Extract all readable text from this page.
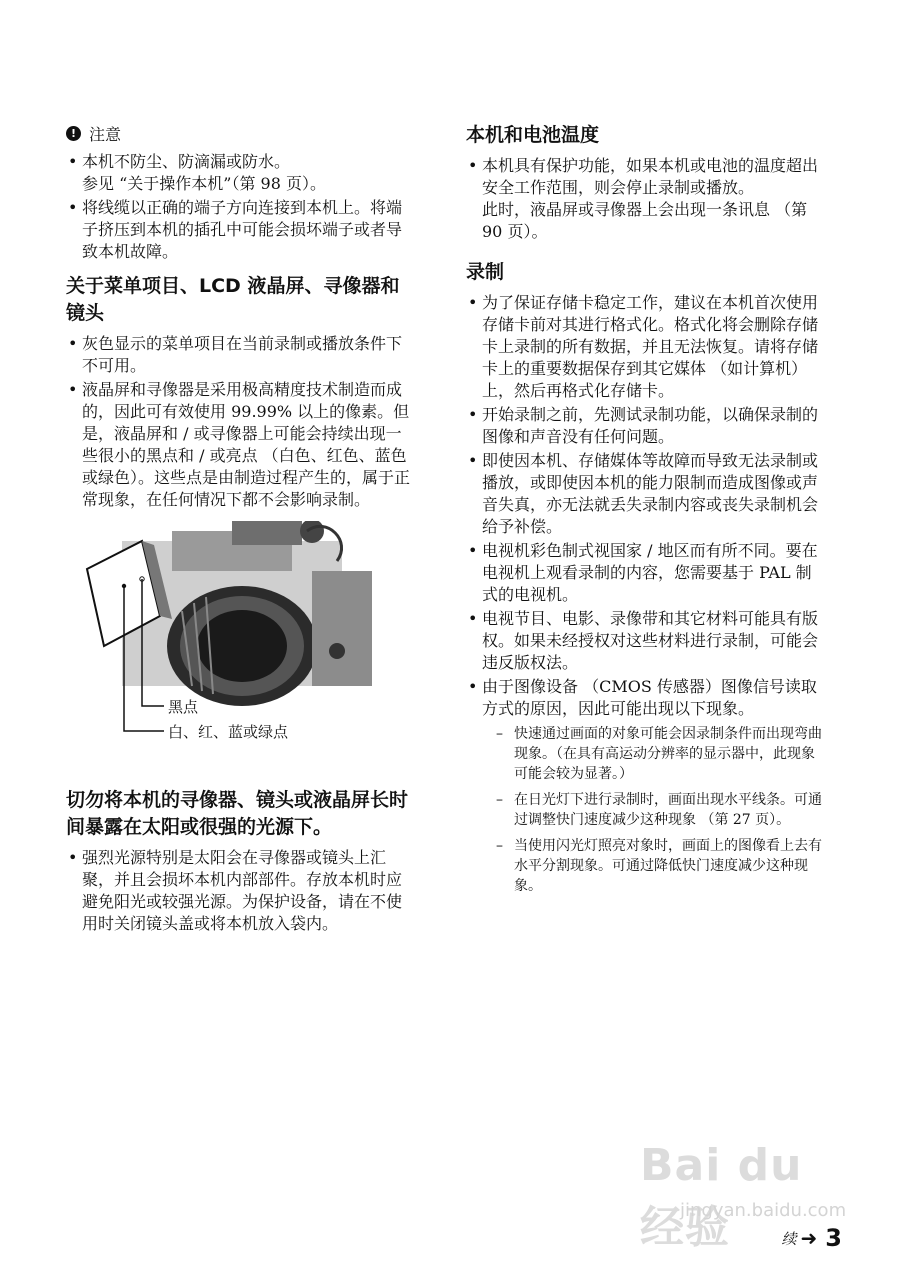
! 注意
• 本机不防尘、防滴漏或防水。
参见 “关于操作本机”（第 98 页）。
• 将线缆以正确的端子方向连接到本机上。将端子挤压到本机的插孔中可能会损坏端子或者导致本机故障。
关于菜单项目、LCD 液晶屏、寻像器和镜头
• 灰色显示的菜单项目在当前录制或播放条件下不可用。
• 液晶屏和寻像器是采用极高精度技术制造而成的，因此可有效使用 99.99% 以上的像素。但是，液晶屏和 / 或寻像器上可能会持续出现一些很小的黑点和 / 或亮点 （白色、红色、蓝色或绿色）。这些点是由制造过程产生的，属于正常现象，在任何情况下都不会影响录制。
黑点
白、红、蓝或绿点
切勿将本机的寻像器、镜头或液晶屏长时间暴露在太阳或很强的光源下。
• 强烈光源特别是太阳会在寻像器或镜头上汇聚，并且会损坏本机内部部件。存放本机时应避免阳光或较强光源。为保护设备，请在不使用时关闭镜头盖或将本机放入袋内。
本机和电池温度
• 本机具有保护功能，如果本机或电池的温度超出安全工作范围，则会停止录制或播放。
此时，液晶屏或寻像器上会出现一条讯息 （第 90 页）。
录制
• 为了保证存储卡稳定工作，建议在本机首次使用存储卡前对其进行格式化。格式化将会删除存储卡上录制的所有数据，并且无法恢复。请将存储卡上的重要数据保存到其它媒体 （如计算机）上，然后再格式化存储卡。
• 开始录制之前，先测试录制功能，以确保录制的图像和声音没有任何问题。
• 即使因本机、存储媒体等故障而导致无法录制或播放，或即使因本机的能力限制而造成图像或声音失真，亦无法就丢失录制内容或丧失录制机会给予补偿。
• 电视机彩色制式视国家 / 地区而有所不同。要在电视机上观看录制的内容，您需要基于 PAL 制式的电视机。
• 电视节目、电影、录像带和其它材料可能具有版权。如果未经授权对这些材料进行录制，可能会违反版权法。
• 由于图像设备 （CMOS 传感器）图像信号读取方式的原因，因此可能出现以下现象。
– 快速通过画面的对象可能会因录制条件而出现弯曲现象。（在具有高运动分辨率的显示器中，此现象可能会较为显著。）
– 在日光灯下进行录制时，画面出现水平线条。可通过调整快门速度减少这种现象 （第 27 页）。
– 当使用闪光灯照亮对象时，画面上的图像看上去有水平分割现象。可通过降低快门速度减少这种现象。
Bai du 经验
jingyan.baidu.com
续 ➜ 3
